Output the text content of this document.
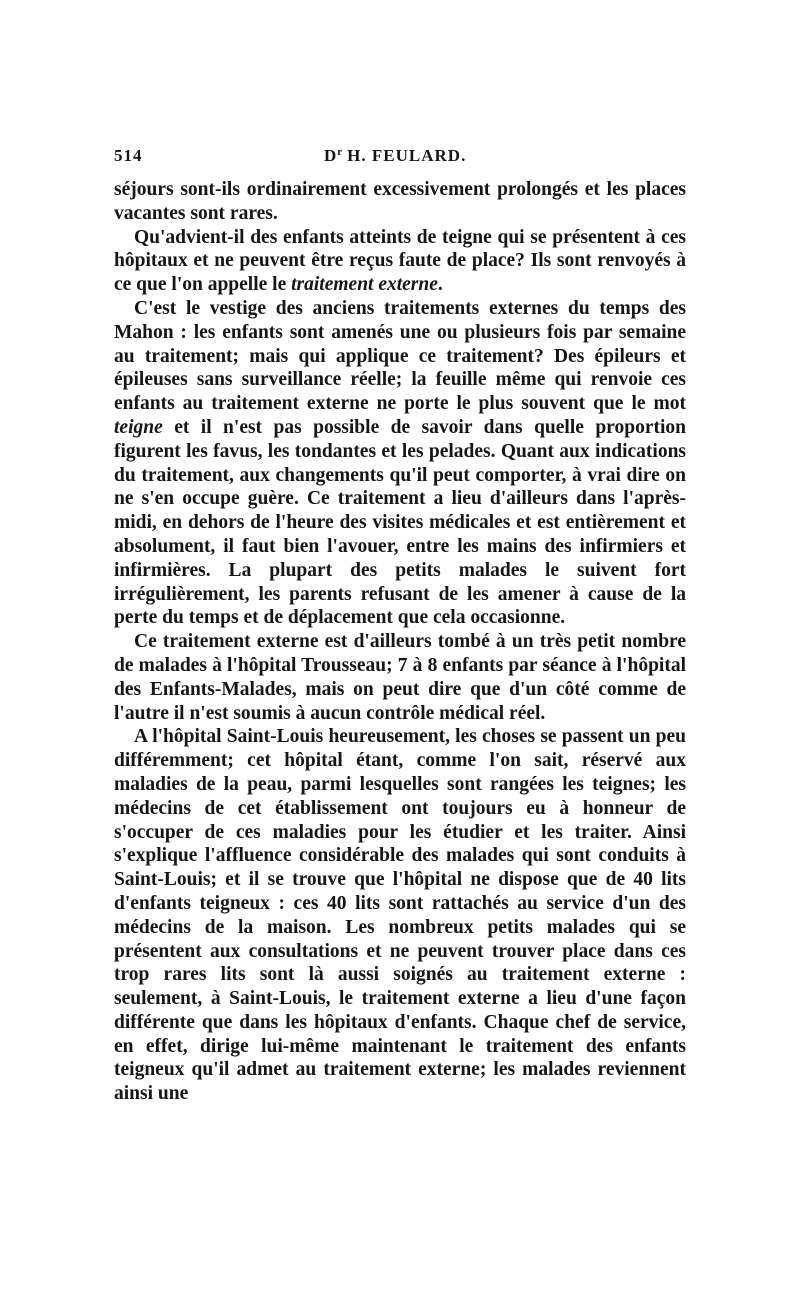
514	$D^r$ H. FEULARD.

séjours sont-ils ordinairement excessivement prolongés et les places vacantes sont rares.

Qu'advient-il des enfants atteints de teigne qui se présentent à ces hôpitaux et ne peuvent être reçus faute de place? Ils sont renvoyés à ce que l'on appelle le traitement externe.

C'est le vestige des anciens traitements externes du temps des Mahon : les enfants sont amenés une ou plusieurs fois par semaine au traitement; mais qui applique ce traitement? Des épileurs et épileuses sans surveillance réelle; la feuille même qui renvoie ces enfants au traitement externe ne porte le plus souvent que le mot teigne et il n'est pas possible de savoir dans quelle proportion figurent les favus, les tondantes et les pelades. Quant aux indications du traitement, aux changements qu'il peut comporter, à vrai dire on ne s'en occupe guère. Ce traitement a lieu d'ailleurs dans l'après-midi, en dehors de l'heure des visites médicales et est entièrement et absolument, il faut bien l'avouer, entre les mains des infirmiers et infirmières. La plupart des petits malades le suivent fort irrégulièrement, les parents refusant de les amener à cause de la perte du temps et de déplacement que cela occasionne.

Ce traitement externe est d'ailleurs tombé à un très petit nombre de malades à l'hôpital Trousseau; 7 à 8 enfants par séance à l'hôpital des Enfants-Malades, mais on peut dire que d'un côté comme de l'autre il n'est soumis à aucun contrôle médical réel.

A l'hôpital Saint-Louis heureusement, les choses se passent un peu différemment; cet hôpital étant, comme l'on sait, réservé aux maladies de la peau, parmi lesquelles sont rangées les teignes; les médecins de cet établissement ont toujours eu à honneur de s'occuper de ces maladies pour les étudier et les traiter. Ainsi s'explique l'affluence considérable des malades qui sont conduits à Saint-Louis; et il se trouve que l'hôpital ne dispose que de 40 lits d'enfants teigneux : ces 40 lits sont rattachés au service d'un des médecins de la maison. Les nombreux petits malades qui se présentent aux consultations et ne peuvent trouver place dans ces trop rares lits sont là aussi soignés au traitement externe : seulement, à Saint-Louis, le traitement externe a lieu d'une façon différente que dans les hôpitaux d'enfants. Chaque chef de service, en effet, dirige lui-même maintenant le traitement des enfants teigneux qu'il admet au traitement externe; les malades reviennent ainsi une
